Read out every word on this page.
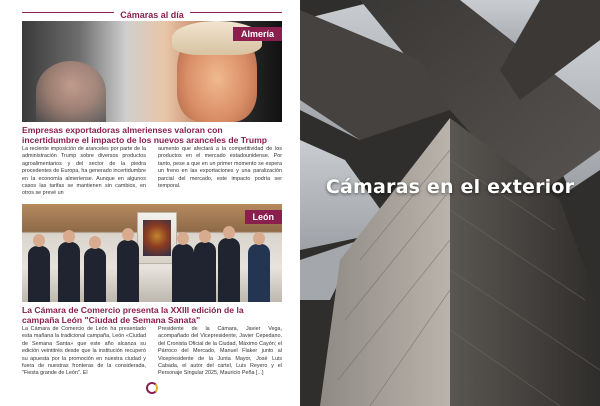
Cámaras al día
Almería
Empresas exportadoras almerienses valoran con incertidumbre el impacto de los nuevos aranceles de Trump
La reciente imposición de aranceles por parte de la administración Trump sobre diversos productos agroalimentarios y del sector de la piedra procedentes de Europa, ha generado incertidumbre en la economía almeriense. Aunque en algunos casos las tarifas se mantienen sin cambios, en otros se prevé un
aumento que afectará a la competitividad de los productos en el mercado estadounidense. Por tanto, pese a que en un primer momento se espera un freno en las exportaciones y una paralización parcial del mercado, este impacto podría ser temporal.
León
La Cámara de Comercio presenta la XXIII edición de la campaña León "Ciudad de Semana Sanata"
La Cámara de Comercio de León ha presentado esta mañana la tradicional campaña, León «Ciudad de Semana Santa» que este año alcanza su edición veintitrés desde que la institución recuperó su apuesta por la promoción en nuestra ciudad y fuera de nuestras fronteras de la considerada, "Fiesta grande de León". El
Presidente de la Cámara, Javier Vega, acompañado del Vicepresidente, Javier Cepedano, del Cronista Oficial de la Ciudad, Máximo Cayón; el Párroco del Mercado, Manuel Flaker junto al Vicepresidente de la Junta Mayor, José Luis Cabada, el autor del cartel, Luis Reyero y el Personaje Singular 2025, Mauricio Peña [...]
Cámaras en el exterior
